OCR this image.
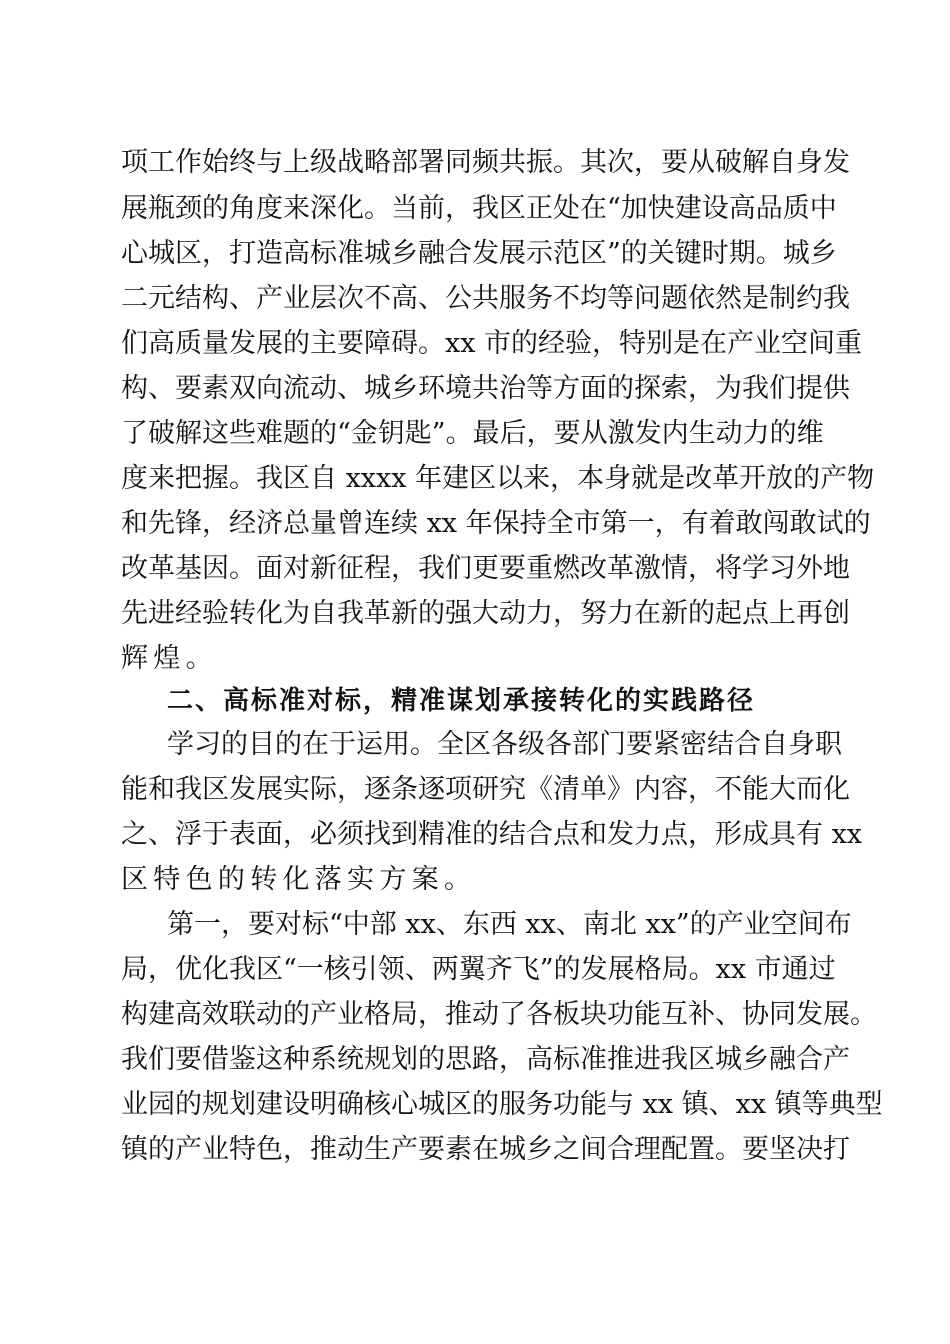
项工作始终与上级战略部署同频共振。其次，要从破解自身发
展瓶颈的角度来深化。当前，我区正处在“加快建设高品质中
心城区，打造高标准城乡融合发展示范区”的关键时期。城乡
二元结构、产业层次不高、公共服务不均等问题依然是制约我
们高质量发展的主要障碍。xx 市的经验，特别是在产业空间重
构、要素双向流动、城乡环境共治等方面的探索，为我们提供
了破解这些难题的“金钥匙”。最后，要从激发内生动力的维
度来把握。我区自 xxxx 年建区以来，本身就是改革开放的产物
和先锋，经济总量曾连续 xx 年保持全市第一，有着敢闯敢试的
改革基因。面对新征程，我们更要重燃改革激情，将学习外地
先进经验转化为自我革新的强大动力，努力在新的起点上再创
辉煌。
二、高标准对标，精准谋划承接转化的实践路径
学习的目的在于运用。全区各级各部门要紧密结合自身职
能和我区发展实际，逐条逐项研究《清单》内容，不能大而化
之、浮于表面，必须找到精准的结合点和发力点，形成具有 xx
区特色的转化落实方案。
第一，要对标“中部 xx、东西 xx、南北 xx”的产业空间布
局，优化我区“一核引领、两翼齐飞”的发展格局。xx 市通过
构建高效联动的产业格局，推动了各板块功能互补、协同发展。
我们要借鉴这种系统规划的思路，高标准推进我区城乡融合产
业园的规划建设明确核心城区的服务功能与 xx 镇、xx 镇等典型
镇的产业特色，推动生产要素在城乡之间合理配置。要坚决打
